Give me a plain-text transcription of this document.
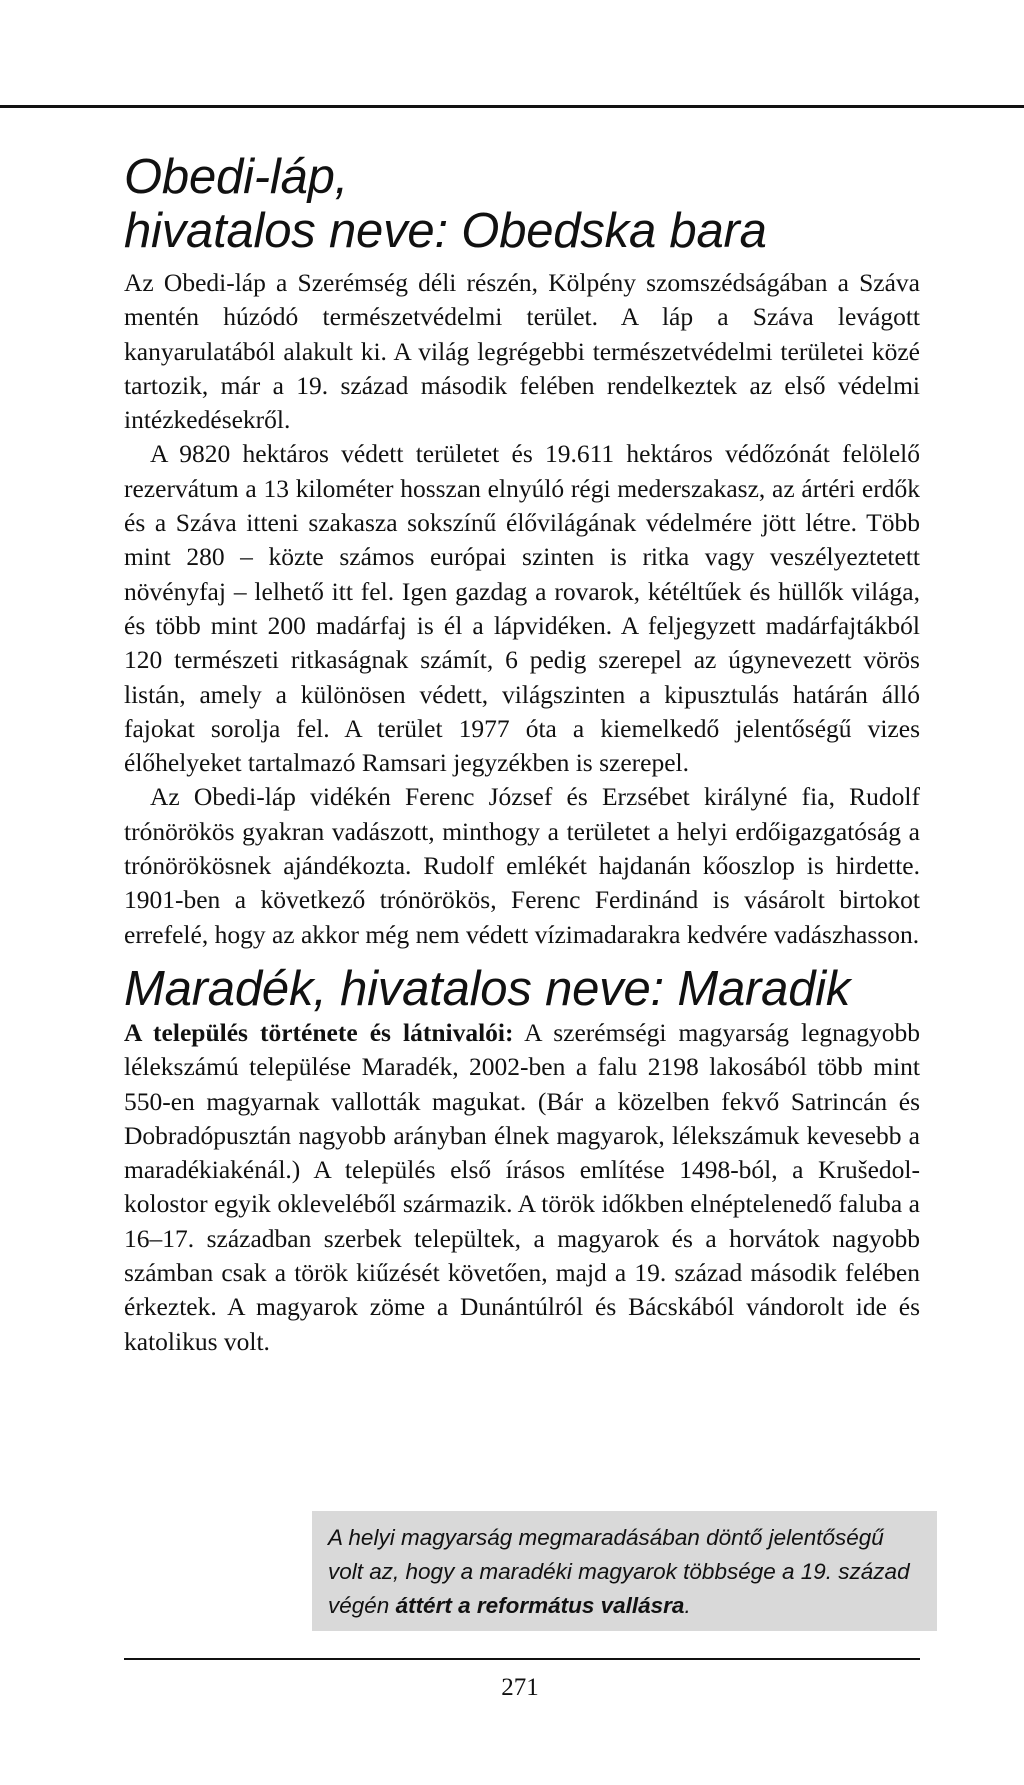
Obedi-láp,
hivatalos neve: Obedska bara

Az Obedi-láp a Szerémség déli részén, Kölpény szomszédságában a Száva mentén húzódó természetvédelmi terület. A láp a Száva levágott kanyarulatából alakult ki. A világ legrégebbi természetvédelmi területei közé tartozik, már a 19. század második felében rendelkeztek az első védelmi intézkedésekről.

A 9820 hektáros védett területet és 19.611 hektáros védőzónát felölelő rezervátum a 13 kilométer hosszan elnyúló régi mederszakasz, az ártéri erdők és a Száva itteni szakasza sokszínű élővilágának védelmére jött létre. Több mint 280 – közte számos európai szinten is ritka vagy veszélyeztetett növényfaj – lelhető itt fel. Igen gazdag a rovarok, kétéltűek és hüllők világa, és több mint 200 madárfaj is él a lápvidéken. A feljegyzett madárfajtákból 120 természeti ritkaságnak számít, 6 pedig szerepel az úgynevezett vörös listán, amely a különösen védett, világszinten a kipusztulás határán álló fajokat sorolja fel. A terület 1977 óta a kiemelkedő jelentőségű vizes élőhelyeket tartalmazó Ramsari jegyzékben is szerepel.

Az Obedi-láp vidékén Ferenc József és Erzsébet királyné fia, Rudolf trónörökös gyakran vadászott, minthogy a területet a helyi erdőigazgatóság a trónörökösnek ajándékozta. Rudolf emlékét hajdanán kőoszlop is hirdette. 1901-ben a következő trónörökös, Ferenc Ferdinánd is vásárolt birtokot errefelé, hogy az akkor még nem védett vízimadarakra kedvére vadászhasson.

Maradék, hivatalos neve: Maradik

A település története és látnivalói: A szerémségi magyarság legnagyobb lélekszámú települése Maradék, 2002-ben a falu 2198 lakosából több mint 550-en magyarnak vallották magukat. (Bár a közelben fekvő Satrincán és Dobradópusztán nagyobb arányban élnek magyarok, lélekszámuk kevesebb a maradékiakénál.) A település első írásos említése 1498-ból, a Krušedol-kolostor egyik okleveléből származik. A török időkben elnéptelenedő faluba a 16–17. században szerbek települtek, a magyarok és a horvátok nagyobb számban csak a török kiűzését követően, majd a 19. század második felében érkeztek. A magyarok zöme a Dunántúlról és Bácskából vándorolt ide és katolikus volt.

A helyi magyarság megmaradásában döntő jelentőségű volt az, hogy a maradéki magyarok többsége a 19. század végén áttért a református vallásra.
271
